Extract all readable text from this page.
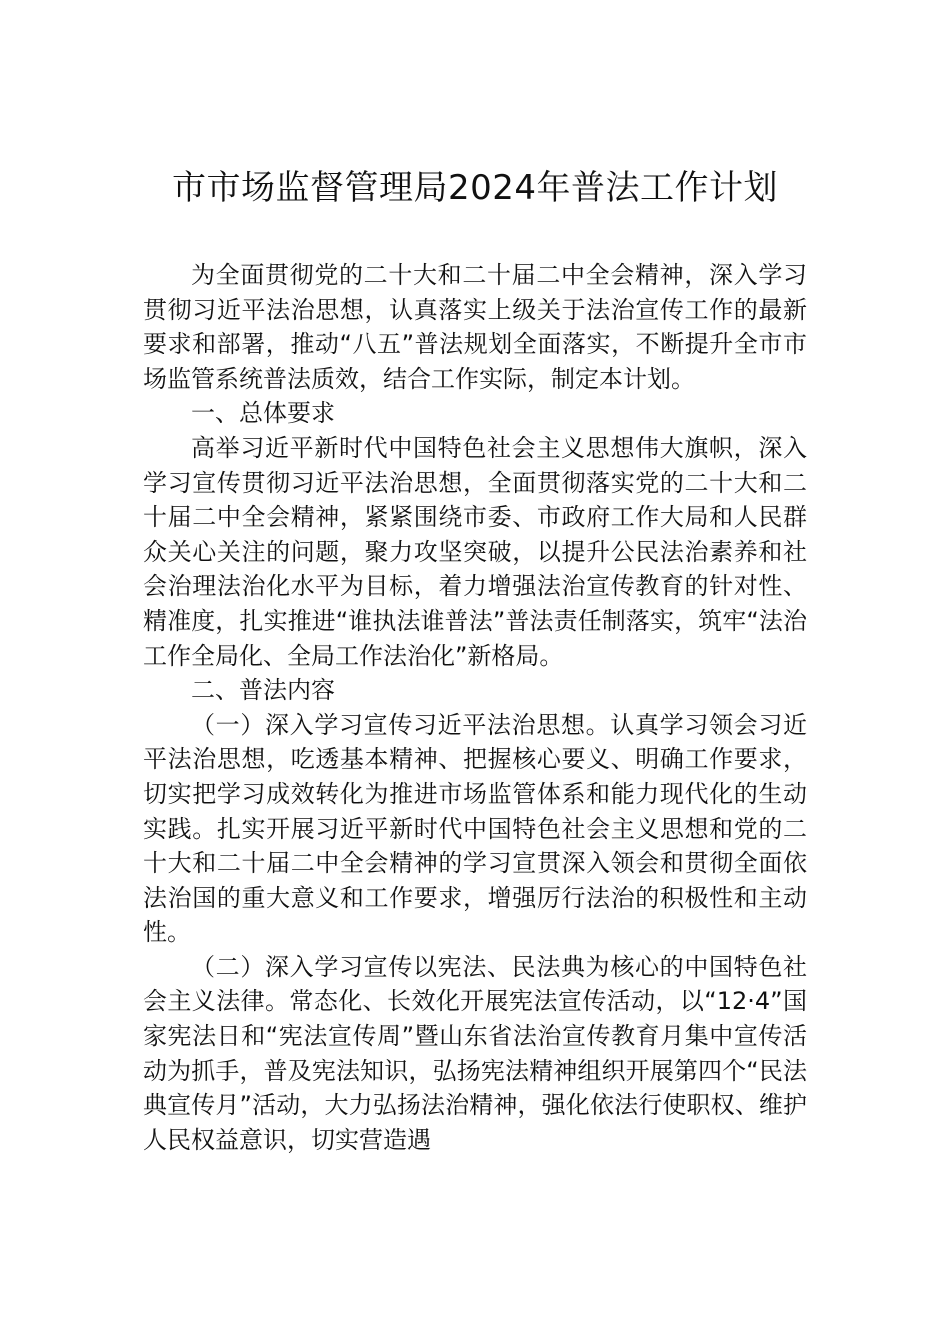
市市场监督管理局2024年普法工作计划

为全面贯彻党的二十大和二十届二中全会精神，深入学习贯彻习近平法治思想，认真落实上级关于法治宣传工作的最新要求和部署，推动“八五”普法规划全面落实，不断提升全市市场监管系统普法质效，结合工作实际，制定本计划。

一、总体要求

高举习近平新时代中国特色社会主义思想伟大旗帜，深入学习宣传贯彻习近平法治思想，全面贯彻落实党的二十大和二十届二中全会精神，紧紧围绕市委、市政府工作大局和人民群众关心关注的问题，聚力攻坚突破，以提升公民法治素养和社会治理法治化水平为目标，着力增强法治宣传教育的针对性、精准度，扎实推进“谁执法谁普法”普法责任制落实，筑牢“法治工作全局化、全局工作法治化”新格局。

二、普法内容

（一）深入学习宣传习近平法治思想。认真学习领会习近平法治思想，吃透基本精神、把握核心要义、明确工作要求，切实把学习成效转化为推进市场监管体系和能力现代化的生动实践。扎实开展习近平新时代中国特色社会主义思想和党的二十大和二十届二中全会精神的学习宣贯深入领会和贯彻全面依法治国的重大意义和工作要求，增强厉行法治的积极性和主动性。

（二）深入学习宣传以宪法、民法典为核心的中国特色社会主义法律。常态化、长效化开展宪法宣传活动，以“12·4”国家宪法日和“宪法宣传周”暨山东省法治宣传教育月集中宣传活动为抓手，普及宪法知识，弘扬宪法精神组织开展第四个“民法典宣传月”活动，大力弘扬法治精神，强化依法行使职权、维护人民权益意识，切实营造遇
